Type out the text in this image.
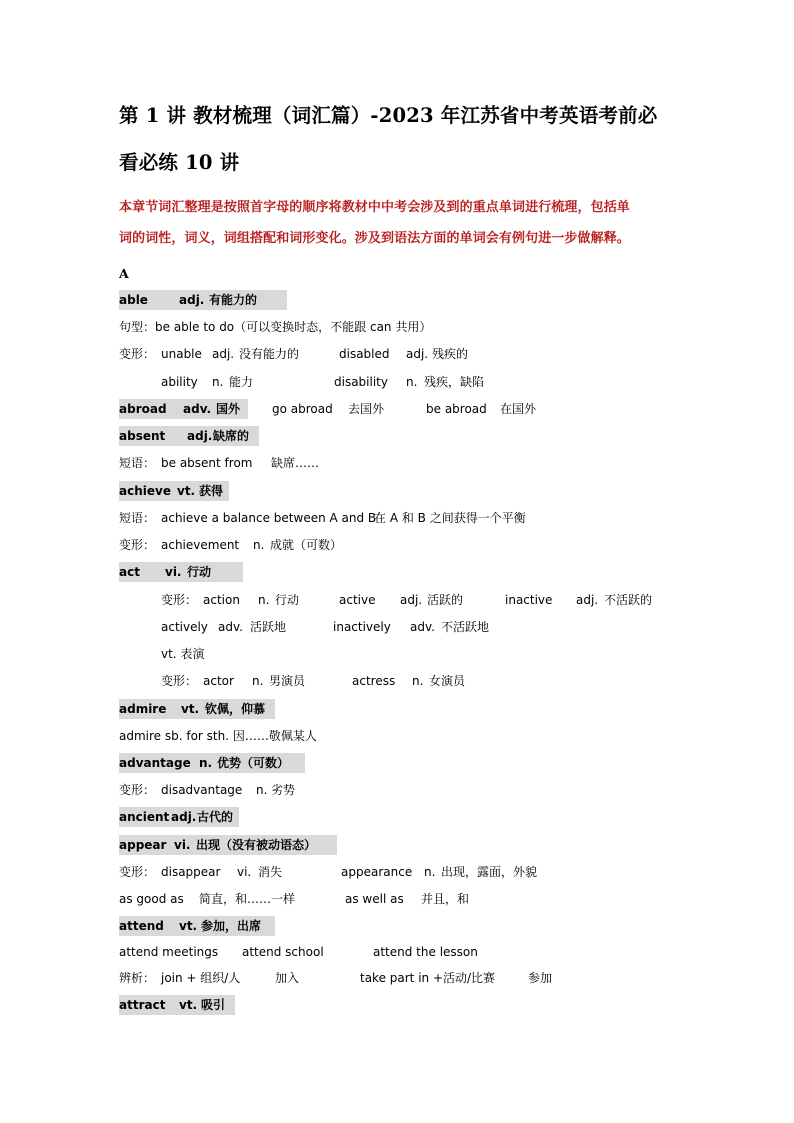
第 1 讲 教材梳理（词汇篇）-2023 年江苏省中考英语考前必
看必练 10 讲
本章节词汇整理是按照首字母的顺序将教材中中考会涉及到的重点单词进行梳理，包括单
词的词性，词义，词组搭配和词形变化。涉及到语法方面的单词会有例句进一步做解释。
A
able	adj. 有能力的
句型：be able to do（可以变换时态，不能跟 can 共用）
变形： unable adj. 没有能力的	disabled adj. 残疾的
ability n. 能力	disability n. 残疾，缺陷
abroad adv. 国外	go abroad 去国外	be abroad 在国外
absent adj.缺席的
短语： be absent from 缺席……
achieve vt. 获得
短语： achieve a balance between A and B
在 A 和 B 之间获得一个平衡
变形： achievement n. 成就（可数）
act vi. 行动
变形： action n. 行动	active adj. 活跃的	inactive adj. 不活跃的
actively adv. 活跃地	inactively adv. 不活跃地
vt. 表演
变形： actor n. 男演员	actress n. 女演员
admire vt. 钦佩，仰慕
admire sb. for sth. 因……敬佩某人
advantage n. 优势（可数）
变形： disadvantage n. 劣势
ancient adj.古代的
appear vi. 出现（没有被动语态）
变形： disappear vi. 消失	appearance n. 出现，露面，外貌
as good as 简直，和……一样	as well as 并且，和
attend vt. 参加，出席
attend meetings attend school	attend the lesson
辨析： join + 组织/人	加入	take part in +活动/比赛	参加
attract vt. 吸引
